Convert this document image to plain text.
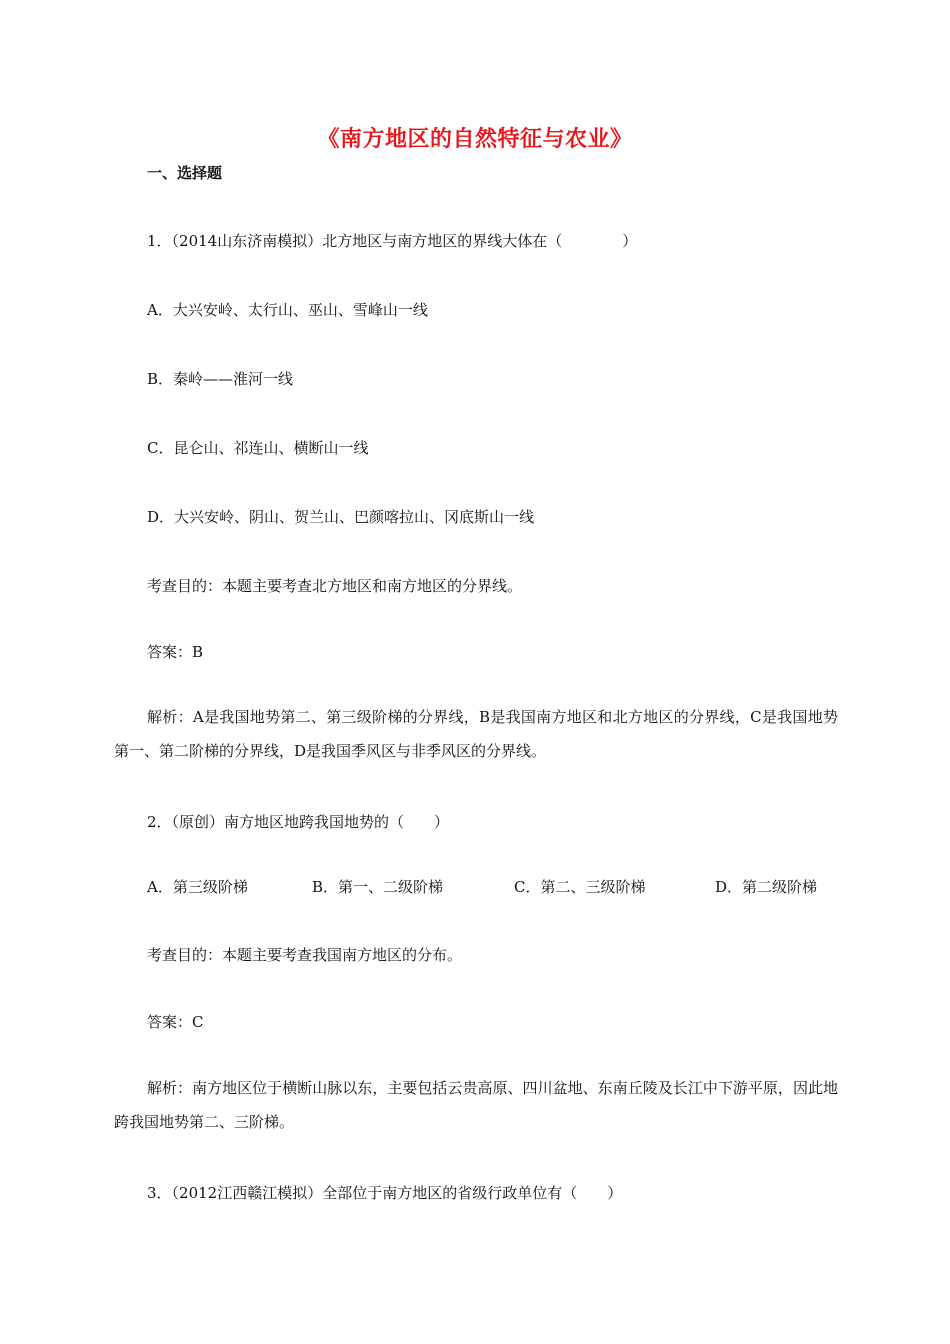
《南方地区的自然特征与农业》
一、选择题
1．（2014山东济南模拟）北方地区与南方地区的界线大体在（　　　　）
A．大兴安岭、太行山、巫山、雪峰山一线
B．秦岭——淮河一线
C．昆仑山、祁连山、横断山一线
D．大兴安岭、阴山、贺兰山、巴颜喀拉山、冈底斯山一线
考查目的：本题主要考查北方地区和南方地区的分界线。
答案：B
解析：A是我国地势第二、第三级阶梯的分界线，B是我国南方地区和北方地区的分界线，C是我国地势第一、第二阶梯的分界线，D是我国季风区与非季风区的分界线。
2．（原创）南方地区地跨我国地势的（　　）
A．第三级阶梯	B．第一、二级阶梯	C．第二、三级阶梯	D．第二级阶梯
考查目的：本题主要考查我国南方地区的分布。
答案：C
解析：南方地区位于横断山脉以东，主要包括云贵高原、四川盆地、东南丘陵及长江中下游平原，因此地跨我国地势第二、三阶梯。
3．（2012江西赣江模拟）全部位于南方地区的省级行政单位有（　　）
